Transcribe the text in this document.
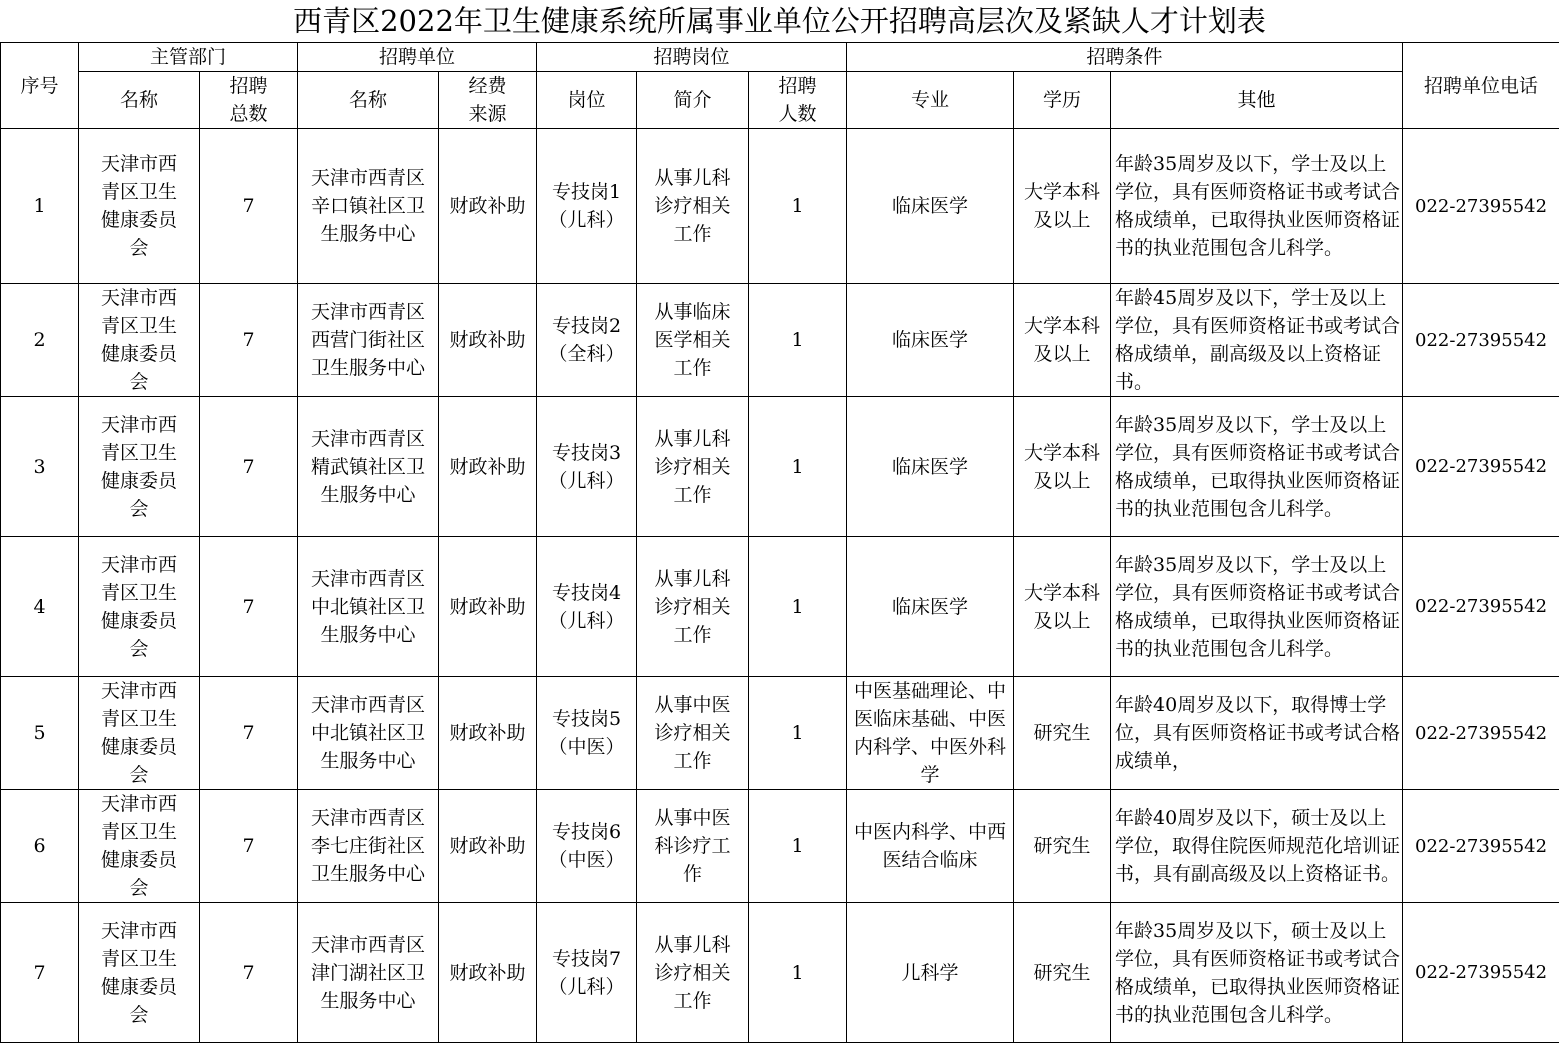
西青区2022年卫生健康系统所属事业单位公开招聘高层次及紧缺人才计划表
序号	主管部门		招聘单位		招聘岗位			招聘条件			招聘单位电话
	名称	招聘总数	名称	经费来源	岗位	简介	招聘人数	专业	学历	其他	
1	天津市西青区卫生健康委员会	7	天津市西青区辛口镇社区卫生服务中心	财政补助	专技岗1（儿科）	从事儿科诊疗相关工作	1	临床医学	大学本科及以上	年龄35周岁及以下，学士及以上学位，具有医师资格证书或考试合格成绩单，已取得执业医师资格证书的执业范围包含儿科学。	022-27395542
2	天津市西青区卫生健康委员会	7	天津市西青区西营门街社区卫生服务中心	财政补助	专技岗2（全科）	从事临床医学相关工作	1	临床医学	大学本科及以上	年龄45周岁及以下，学士及以上学位，具有医师资格证书或考试合格成绩单，副高级及以上资格证书。	022-27395542
3	天津市西青区卫生健康委员会	7	天津市西青区精武镇社区卫生服务中心	财政补助	专技岗3（儿科）	从事儿科诊疗相关工作	1	临床医学	大学本科及以上	年龄35周岁及以下，学士及以上学位，具有医师资格证书或考试合格成绩单，已取得执业医师资格证书的执业范围包含儿科学。	022-27395542
4	天津市西青区卫生健康委员会	7	天津市西青区中北镇社区卫生服务中心	财政补助	专技岗4（儿科）	从事儿科诊疗相关工作	1	临床医学	大学本科及以上	年龄35周岁及以下，学士及以上学位，具有医师资格证书或考试合格成绩单，已取得执业医师资格证书的执业范围包含儿科学。	022-27395542
5	天津市西青区卫生健康委员会	7	天津市西青区中北镇社区卫生服务中心	财政补助	专技岗5（中医）	从事中医诊疗相关工作	1	中医基础理论、中医临床基础、中医内科学、中医外科学	研究生	年龄40周岁及以下，取得博士学位，具有医师资格证书或考试合格成绩单，	022-27395542
6	天津市西青区卫生健康委员会	7	天津市西青区李七庄街社区卫生服务中心	财政补助	专技岗6（中医）	从事中医科诊疗工作	1	中医内科学、中西医结合临床	研究生	年龄40周岁及以下，硕士及以上学位，取得住院医师规范化培训证书，具有副高级及以上资格证书。	022-27395542
7	天津市西青区卫生健康委员会	7	天津市西青区津门湖社区卫生服务中心	财政补助	专技岗7（儿科）	从事儿科诊疗相关工作	1	儿科学	研究生	年龄35周岁及以下，硕士及以上学位，具有医师资格证书或考试合格成绩单，已取得执业医师资格证书的执业范围包含儿科学。	022-27395542
